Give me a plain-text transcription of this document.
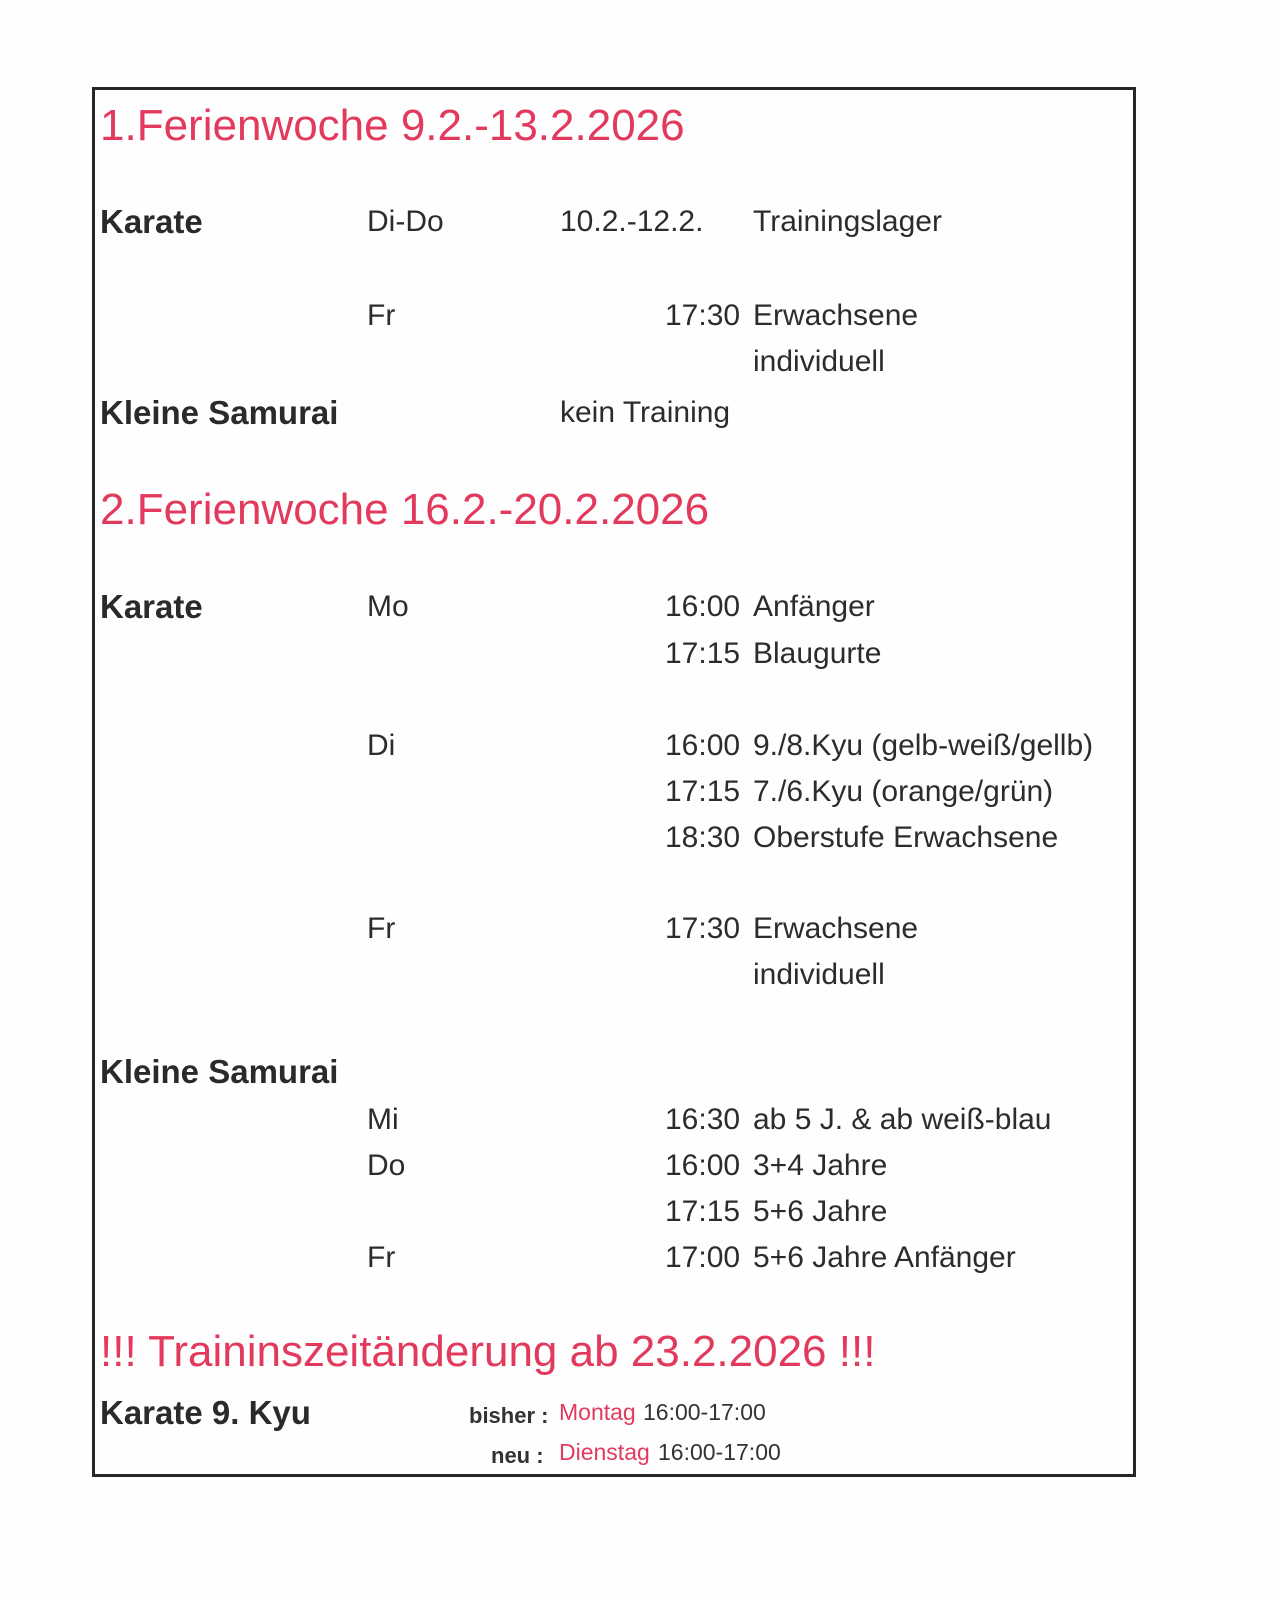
1.Ferienwoche 9.2.-13.2.2026
Karate	Di-Do	10.2.-12.2. Trainingslager
Fr	17:30 Erwachsene
individuell
Kleine Samurai	kein Training
2.Ferienwoche 16.2.-20.2.2026
Karate	Mo	16:00 Anfänger
17:15 Blaugurte
Di	16:00 9./8.Kyu (gelb-weiß/gellb)
17:15 7./6.Kyu (orange/grün)
18:30 Oberstufe Erwachsene
Fr	17:30 Erwachsene
individuell
Kleine Samurai
Mi	16:30 ab 5 J. & ab weiß-blau
Do	16:00 3+4 Jahre
17:15 5+6 Jahre
Fr	17:00 5+6 Jahre Anfänger
!!! Traininszeitänderung ab 23.2.2026 !!!
Karate 9. Kyu	bisher : Montag 16:00-17:00
neu : Dienstag 16:00-17:00
